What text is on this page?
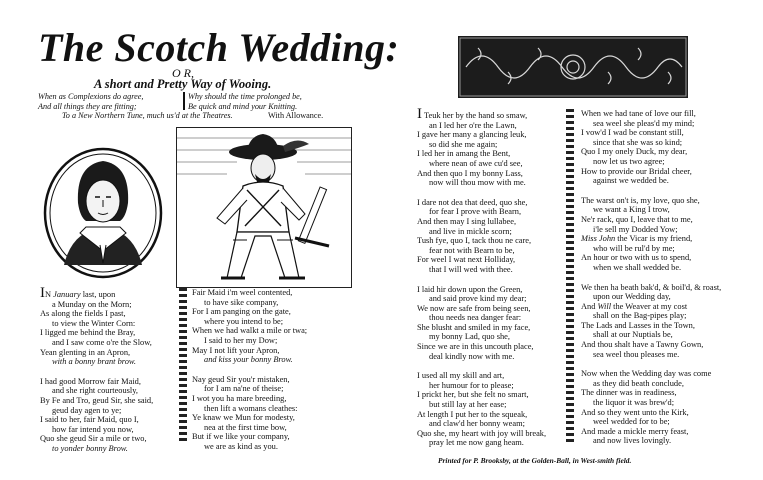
The Scotch Wedding:
O R,
A short and Pretty Way of Wooing.
When as Complexions do agree,
And all things they are fitting;
Why should the time prolonged be,
Be quick and mind your Knitting.
To a New Northern Tune, much us'd at the Theatres.	With Allowance.
IN January last, upon
a Munday on the Morn;
As along the fields I past,
to view the Winter Corn:
I ligged me behind the Bray,
and I saw come o're the Slow,
Yean glenting in an Apron,
with a bonny brant brow.
I had good Morrow fair Maid,
and she right courteously,
By Fe and Tro, geud Sir, she said,
geud day agen to ye;
I said to her, fair Maid, quo I,
how far intend you now,
Quo she geud Sir a mile or two,
to yonder bonny Brow.
Fair Maid i'm weel contented,
to have sike company,
For I am panging on the gate,
where you intend to be;
When we had walkt a mile or twa;
I said to her my Dow;
May I not lift your Apron,
and kiss your bonny Brow.
Nay geud Sir you'r mistaken,
for I am na'ne of theise;
I wot you ha mare breeding,
then lift a womans cleathes:
Ye knaw we Mun for modesty,
nea at the first time bow,
But if we like your company,
we are as kind as you.
I Teuk her by the hand so smaw,
an I led her o're the Lawn,
I gave her many a glancing leuk,
so did she me again;
I led her in amang the Bent,
where nean of awe cu'd see,
And then quo I my bonny Lass,
now will thou mow with me.
I dare not dea that deed, quo she,
for fear I prove with Bearn,
And then may I sing lullabee,
and live in mickle scorn;
Tush fye, quo I, tack thou ne care,
fear not with Bearn to be,
For weel I wat next Holliday,
that I will wed with thee.
I laid hir down upon the Green,
and said prove kind my dear;
We now are safe from being seen,
thou needs nea danger fear:
She blusht and smiled in my face,
my bonny Lad, quo she,
Since we are in this uncouth place,
deal kindly now with me.
I used all my skill and art,
her humour for to please;
I prickt her, but she felt no smart,
but still lay at her ease;
At length I put her to the squeak,
and claw'd her bonny weam;
Quo she, my heart with joy will break,
pray let me now gang heam.
When we had tane of love our fill,
sea weel she pleas'd my mind;
I vow'd I wad be constant still,
since that she was so kind;
Quo I my onely Duck, my dear,
now let us two agree;
How to provide our Bridal cheer,
against we wedded be.
The warst on't is, my love, quo she,
we want a King I trow,
Ne'r rack, quo I, leave that to me,
i'le sell my Dodded Yow;
Miss John the Vicar is my friend,
who will be rul'd by me;
An hour or two with us to spend,
when we shall wedded be.
We then ha beath bak'd, & boil'd, & roast,
upon our Wedding day,
And Will the Weaver at my cost
shall on the Bag-pipes play;
The Lads and Lasses in the Town,
shall at our Nuptials be,
And thou shalt have a Tawny Gown,
sea weel thou pleases me.
Now when the Wedding day was come
as they did beath conclude,
The dinner was in readiness,
the liquor it was brew'd;
And so they went unto the Kirk,
weel wedded for to be;
And made a mickle merry feast,
and now lives lovingly.
Printed for P. Brooksby, at the Golden-Ball, in West-smith field.
